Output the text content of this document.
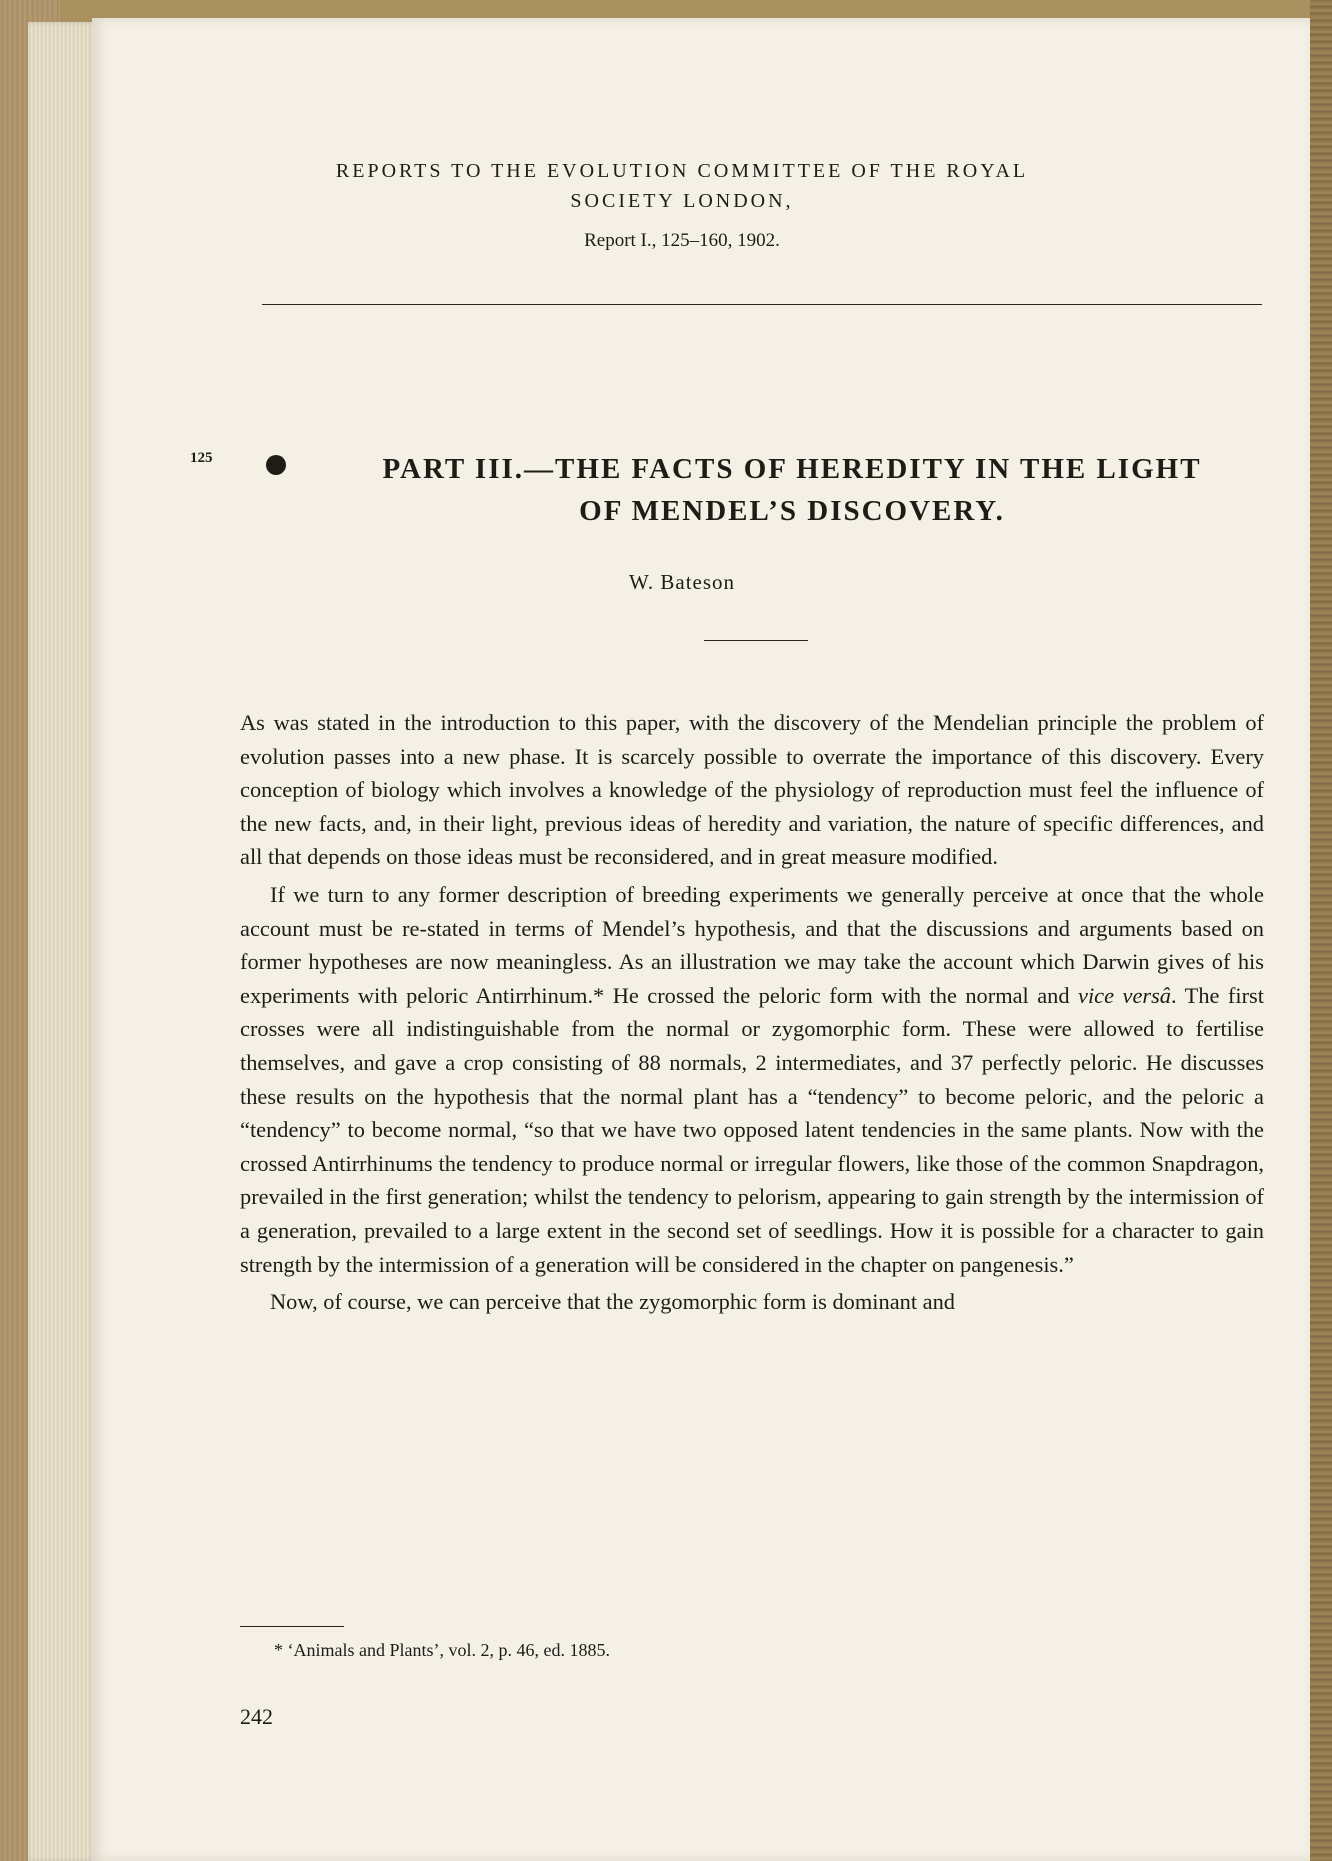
REPORTS TO THE EVOLUTION COMMITTEE OF THE ROYAL
SOCIETY LONDON,
Report I., 125–160, 1902.
125	PART III.—THE FACTS OF HEREDITY IN THE LIGHT
OF MENDEL’S DISCOVERY.
W. Bateson

As was stated in the introduction to this paper, with the discovery of the Mendelian principle the problem of evolution passes into a new phase. It is scarcely possible to overrate the importance of this discovery. Every conception of biology which involves a knowledge of the physiology of reproduction must feel the influence of the new facts, and, in their light, previous ideas of heredity and variation, the nature of specific differences, and all that depends on those ideas must be reconsidered, and in great measure modified.

If we turn to any former description of breeding experiments we generally perceive at once that the whole account must be re-stated in terms of Mendel’s hypothesis, and that the discussions and arguments based on former hypotheses are now meaningless. As an illustration we may take the account which Darwin gives of his experiments with peloric Antirrhinum.* He crossed the peloric form with the normal and vice versâ. The first crosses were all indistinguishable from the normal or zygomorphic form. These were allowed to fertilise themselves, and gave a crop consisting of 88 normals, 2 intermediates, and 37 perfectly peloric. He discusses these results on the hypothesis that the normal plant has a “tendency” to become peloric, and the peloric a “tendency” to become normal, “so that we have two opposed latent tendencies in the same plants. Now with the crossed Antirrhinums the tendency to produce normal or irregular flowers, like those of the common Snapdragon, prevailed in the first generation; whilst the tendency to pelorism, appearing to gain strength by the intermission of a generation, prevailed to a large extent in the second set of seedlings. How it is possible for a character to gain strength by the intermission of a generation will be considered in the chapter on pangenesis.”

Now, of course, we can perceive that the zygomorphic form is dominant and

* ‘Animals and Plants’, vol. 2, p. 46, ed. 1885.
242
